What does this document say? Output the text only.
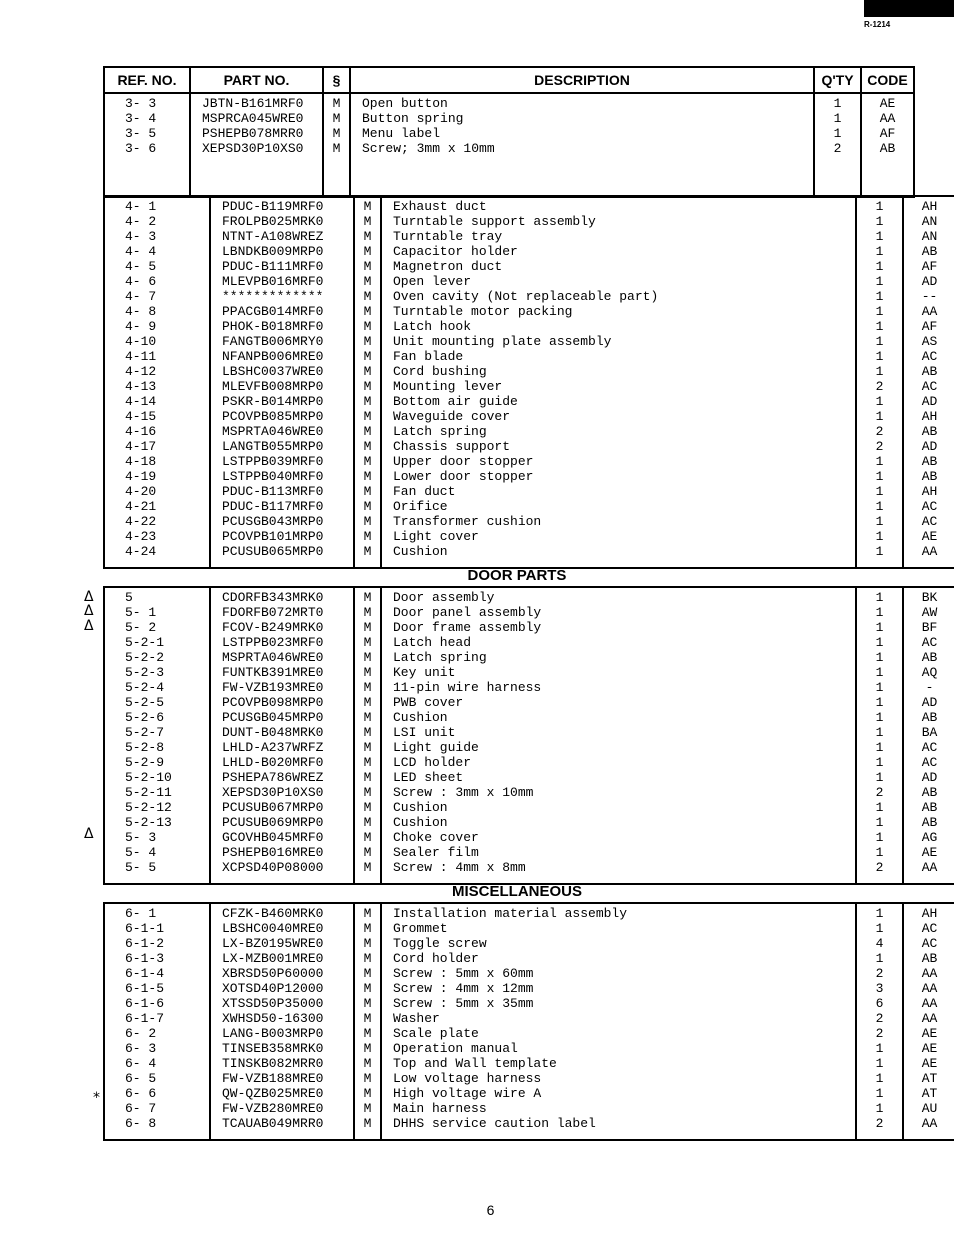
R-1214
REF. NO.	PART NO.	§	DESCRIPTION	Q'TY	CODE
3- 3	JBTN-B161MRF0	M	Open button	1	AE
3- 4	MSPRCA045WRE0	M	Button spring	1	AA
3- 5	PSHEPB078MRR0	M	Menu label	1	AF
3- 6	XEPSD30P10XS0	M	Screw; 3mm x 10mm	2	AB

4- 1	PDUC-B119MRF0	M	Exhaust duct	1	AH
4- 2	FROLPB025MRK0	M	Turntable support assembly	1	AN
4- 3	NTNT-A108WREZ	M	Turntable tray	1	AN
4- 4	LBNDKB009MRP0	M	Capacitor holder	1	AB
4- 5	PDUC-B111MRF0	M	Magnetron duct	1	AF
4- 6	MLEVPB016MRF0	M	Open lever	1	AD
4- 7	*************	M	Oven cavity (Not replaceable part)	1	--
4- 8	PPACGB014MRF0	M	Turntable motor packing	1	AA
4- 9	PHOK-B018MRF0	M	Latch hook	1	AF
4-10	FANGTB006MRY0	M	Unit mounting plate assembly	1	AS
4-11	NFANPB006MRE0	M	Fan blade	1	AC
4-12	LBSHC0037WRE0	M	Cord bushing	1	AB
4-13	MLEVFB008MRP0	M	Mounting lever	2	AC
4-14	PSKR-B014MRP0	M	Bottom air guide	1	AD
4-15	PCOVPB085MRP0	M	Waveguide cover	1	AH
4-16	MSPRTA046WRE0	M	Latch spring	2	AB
4-17	LANGTB055MRP0	M	Chassis support	2	AD
4-18	LSTPPB039MRF0	M	Upper door stopper	1	AB
4-19	LSTPPB040MRF0	M	Lower door stopper	1	AB
4-20	PDUC-B113MRF0	M	Fan duct	1	AH
4-21	PDUC-B117MRF0	M	Orifice	1	AC
4-22	PCUSGB043MRP0	M	Transformer cushion	1	AC
4-23	PCOVPB101MRP0	M	Light cover	1	AE
4-24	PCUSUB065MRP0	M	Cushion	1	AA

DOOR PARTS
5	CDORFB343MRK0	M	Door assembly	1	BK
5- 1	FDORFB072MRT0	M	Door panel assembly	1	AW
5- 2	FCOV-B249MRK0	M	Door frame assembly	1	BF
5-2-1	LSTPPB023MRF0	M	Latch head	1	AC
5-2-2	MSPRTA046WRE0	M	Latch spring	1	AB
5-2-3	FUNTKB391MRE0	M	Key unit	1	AQ
5-2-4	FW-VZB193MRE0	M	11-pin wire harness	1	-
5-2-5	PCOVPB098MRP0	M	PWB cover	1	AD
5-2-6	PCUSGB045MRP0	M	Cushion	1	AB
5-2-7	DUNT-B048MRK0	M	LSI unit	1	BA
5-2-8	LHLD-A237WRFZ	M	Light guide	1	AC
5-2-9	LHLD-B020MRF0	M	LCD holder	1	AC
5-2-10	PSHEPA786WREZ	M	LED sheet	1	AD
5-2-11	XEPSD30P10XS0	M	Screw : 3mm x 10mm	2	AB
5-2-12	PCUSUB067MRP0	M	Cushion	1	AB
5-2-13	PCUSUB069MRP0	M	Cushion	1	AB
5- 3	GCOVHB045MRF0	M	Choke cover	1	AG
5- 4	PSHEPB016MRE0	M	Sealer film	1	AE
5- 5	XCPSD40P08000	M	Screw : 4mm x 8mm	2	AA

MISCELLANEOUS
6- 1	CFZK-B460MRK0	M	Installation material assembly	1	AH
6-1-1	LBSHC0040MRE0	M	Grommet	1	AC
6-1-2	LX-BZ0195WRE0	M	Toggle screw	4	AC
6-1-3	LX-MZB001MRE0	M	Cord holder	1	AB
6-1-4	XBRSD50P60000	M	Screw : 5mm x 60mm	2	AA
6-1-5	XOTSD40P12000	M	Screw : 4mm x 12mm	3	AA
6-1-6	XTSSD50P35000	M	Screw : 5mm x 35mm	6	AA
6-1-7	XWHSD50-16300	M	Washer	2	AA
6- 2	LANG-B003MRP0	M	Scale plate	2	AE
6- 3	TINSEB358MRK0	M	Operation manual	1	AE
6- 4	TINSKB082MRR0	M	Top and Wall template	1	AE
6- 5	FW-VZB188MRE0	M	Low voltage harness	1	AT
6- 6	QW-QZB025MRE0	M	High voltage wire A	1	AT
6- 7	FW-VZB280MRE0	M	Main harness	1	AU
6- 8	TCAUAB049MRR0	M	DHHS service caution label	2	AA

Δ
Δ
Δ
Δ
*
6
